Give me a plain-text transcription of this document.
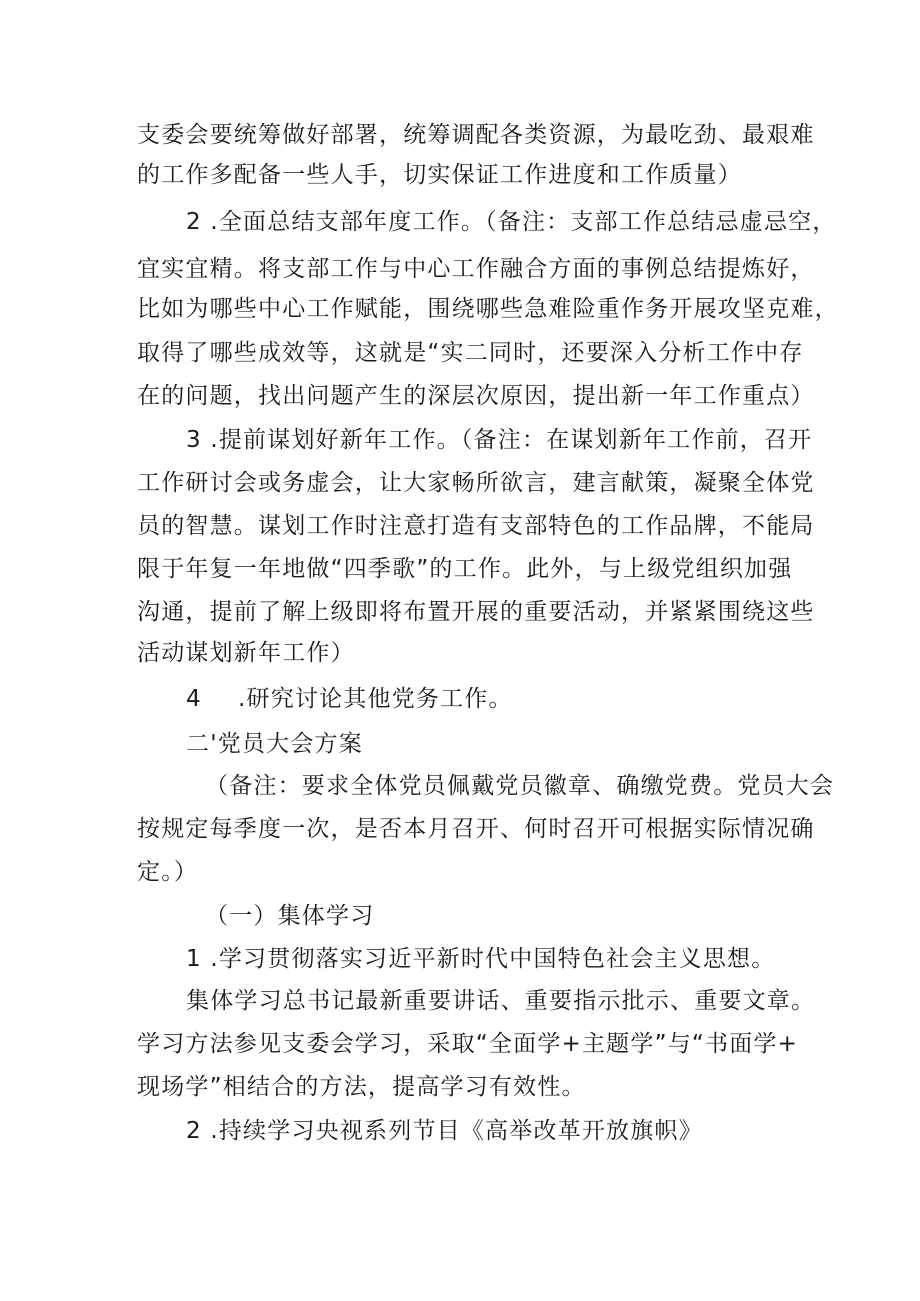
支委会要统筹做好部署，统筹调配各类资源，为最吃劲、最艰难
的工作多配备一些人手，切实保证工作进度和工作质量）
2 .全面总结支部年度工作。（备注：支部工作总结忌虚忌空，
宜实宜精。将支部工作与中心工作融合方面的事例总结提炼好，
比如为哪些中心工作赋能，围绕哪些急难险重作务开展攻坚克难，
取得了哪些成效等，这就是“实二同时，还要深入分析工作中存
在的问题，找出问题产生的深层次原因，提出新一年工作重点）
3 .提前谋划好新年工作。（备注：在谋划新年工作前，召开
工作研讨会或务虚会，让大家畅所欲言，建言献策，凝聚全体党
员的智慧。谋划工作时注意打造有支部特色的工作品牌，不能局
限于年复一年地做“四季歌”的工作。此外，与上级党组织加强
沟通，提前了解上级即将布置开展的重要活动，并紧紧围绕这些
活动谋划新年工作）
4 .研究讨论其他党务工作。
二'党员大会方案
（备注：要求全体党员佩戴党员徽章、确缴党费。党员大会
按规定每季度一次，是否本月召开、何时召开可根据实际情况确
定。）
（一）集体学习
1 .学习贯彻落实习近平新时代中国特色社会主义思想。
集体学习总书记最新重要讲话、重要指示批示、重要文章。
学习方法参见支委会学习，采取“全面学+主题学”与“书面学+
现场学”相结合的方法，提高学习有效性。
2 .持续学习央视系列节目《高举改革开放旗帜》
